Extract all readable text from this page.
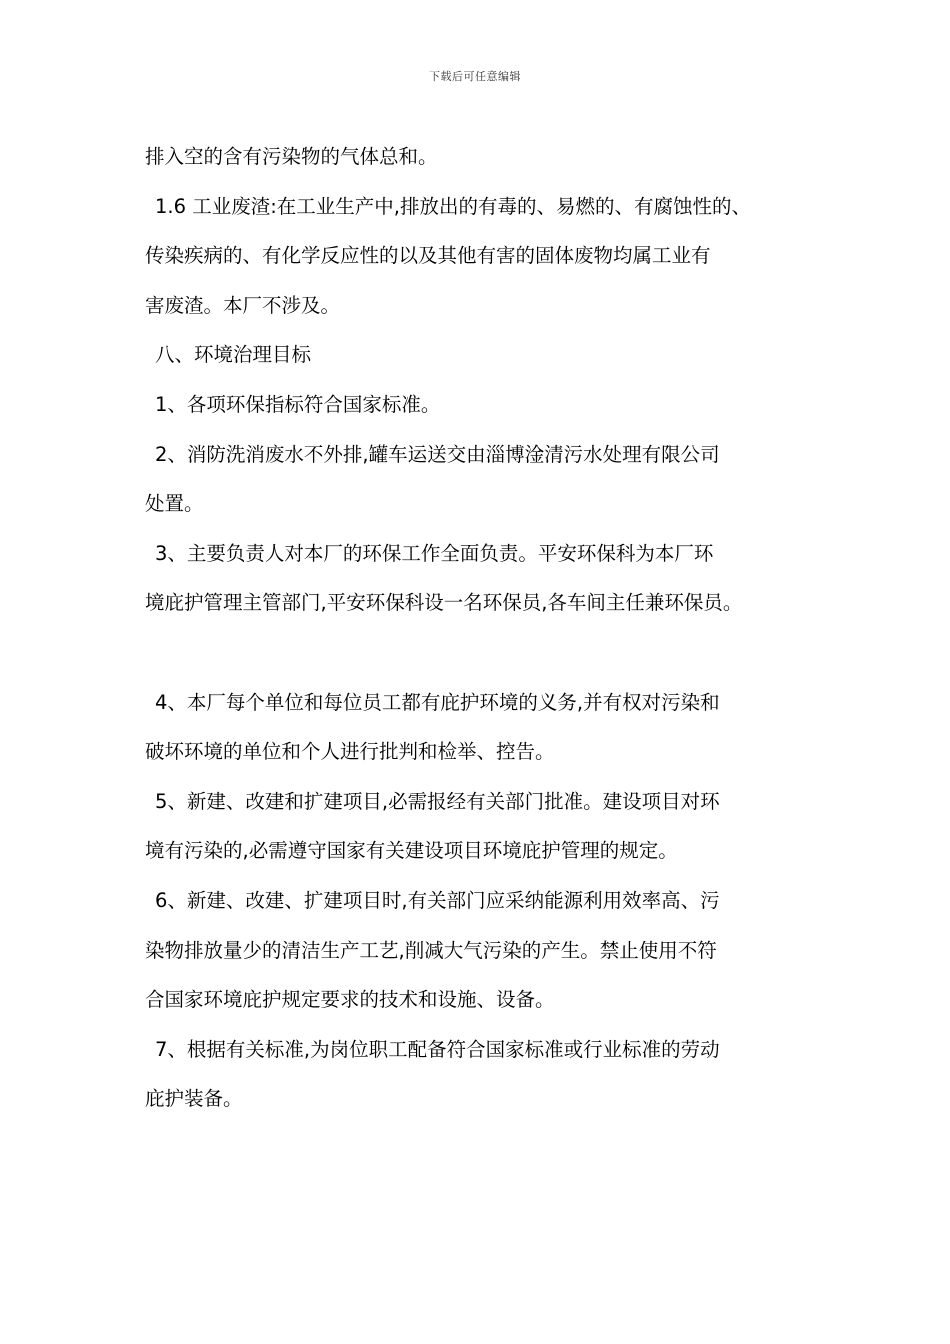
下载后可任意编辑
排入空的含有污染物的气体总和。
1.6 工业废渣:在工业生产中,排放出的有毒的、易燃的、有腐蚀性的、
传染疾病的、有化学反应性的以及其他有害的固体废物均属工业有
害废渣。本厂不涉及。
八、环境治理目标
1、各项环保指标符合国家标准。
2、消防洗消废水不外排,罐车运送交由淄博淦清污水处理有限公司
处置。
3、主要负责人对本厂的环保工作全面负责。平安环保科为本厂环
境庇护管理主管部门,平安环保科设一名环保员,各车间主任兼环保员。
4、本厂每个单位和每位员工都有庇护环境的义务,并有权对污染和
破坏环境的单位和个人进行批判和检举、控告。
5、新建、改建和扩建项目,必需报经有关部门批准。建设项目对环
境有污染的,必需遵守国家有关建设项目环境庇护管理的规定。
6、新建、改建、扩建项目时,有关部门应采纳能源利用效率高、污
染物排放量少的清洁生产工艺,削减大气污染的产生。禁止使用不符
合国家环境庇护规定要求的技术和设施、设备。
7、根据有关标准,为岗位职工配备符合国家标准或行业标准的劳动
庇护装备。
